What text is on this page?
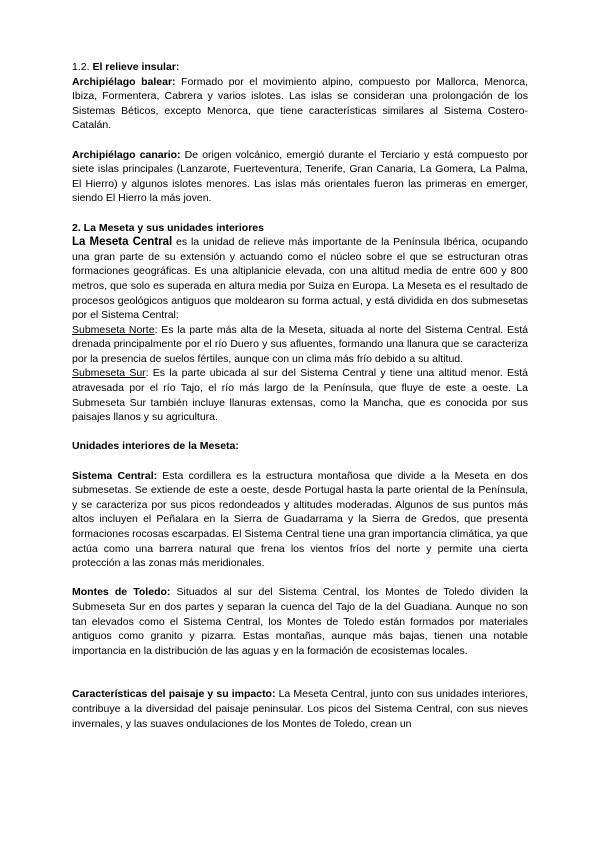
1.2. El relieve insular:

Archipiélago balear: Formado por el movimiento alpino, compuesto por Mallorca, Menorca, Ibiza, Formentera, Cabrera y varios islotes. Las islas se consideran una prolongación de los Sistemas Béticos, excepto Menorca, que tiene características similares al Sistema Costero-Catalán.

Archipiélago canario: De origen volcánico, emergió durante el Terciario y está compuesto por siete islas principales (Lanzarote, Fuerteventura, Tenerife, Gran Canaria, La Gomera, La Palma, El Hierro) y algunos islotes menores. Las islas más orientales fueron las primeras en emerger, siendo El Hierro la más joven.

2. La Meseta y sus unidades interiores

La Meseta Central es la unidad de relieve más importante de la Península Ibérica, ocupando una gran parte de su extensión y actuando como el núcleo sobre el que se estructuran otras formaciones geográficas. Es una altiplanicie elevada, con una altitud media de entre 600 y 800 metros, que solo es superada en altura media por Suiza en Europa. La Meseta es el resultado de procesos geológicos antiguos que moldearon su forma actual, y está dividida en dos submesetas por el Sistema Central:

Submeseta Norte: Es la parte más alta de la Meseta, situada al norte del Sistema Central. Está drenada principalmente por el río Duero y sus afluentes, formando una llanura que se caracteriza por la presencia de suelos fértiles, aunque con un clima más frío debido a su altitud.

Submeseta Sur: Es la parte ubicada al sur del Sistema Central y tiene una altitud menor. Está atravesada por el río Tajo, el río más largo de la Península, que fluye de este a oeste. La Submeseta Sur también incluye llanuras extensas, como la Mancha, que es conocida por sus paisajes llanos y su agricultura.

Unidades interiores de la Meseta:

Sistema Central: Esta cordillera es la estructura montañosa que divide a la Meseta en dos submesetas. Se extiende de este a oeste, desde Portugal hasta la parte oriental de la Península, y se caracteriza por sus picos redondeados y altitudes moderadas. Algunos de sus puntos más altos incluyen el Peñalara en la Sierra de Guadarrama y la Sierra de Gredos, que presenta formaciones rocosas escarpadas. El Sistema Central tiene una gran importancia climática, ya que actúa como una barrera natural que frena los vientos fríos del norte y permite una cierta protección a las zonas más meridionales.

Montes de Toledo: Situados al sur del Sistema Central, los Montes de Toledo dividen la Submeseta Sur en dos partes y separan la cuenca del Tajo de la del Guadiana. Aunque no son tan elevados como el Sistema Central, los Montes de Toledo están formados por materiales antiguos como granito y pizarra. Estas montañas, aunque más bajas, tienen una notable importancia en la distribución de las aguas y en la formación de ecosistemas locales.

Características del paisaje y su impacto: La Meseta Central, junto con sus unidades interiores, contribuye a la diversidad del paisaje peninsular. Los picos del Sistema Central, con sus nieves invernales, y las suaves ondulaciones de los Montes de Toledo, crean un
